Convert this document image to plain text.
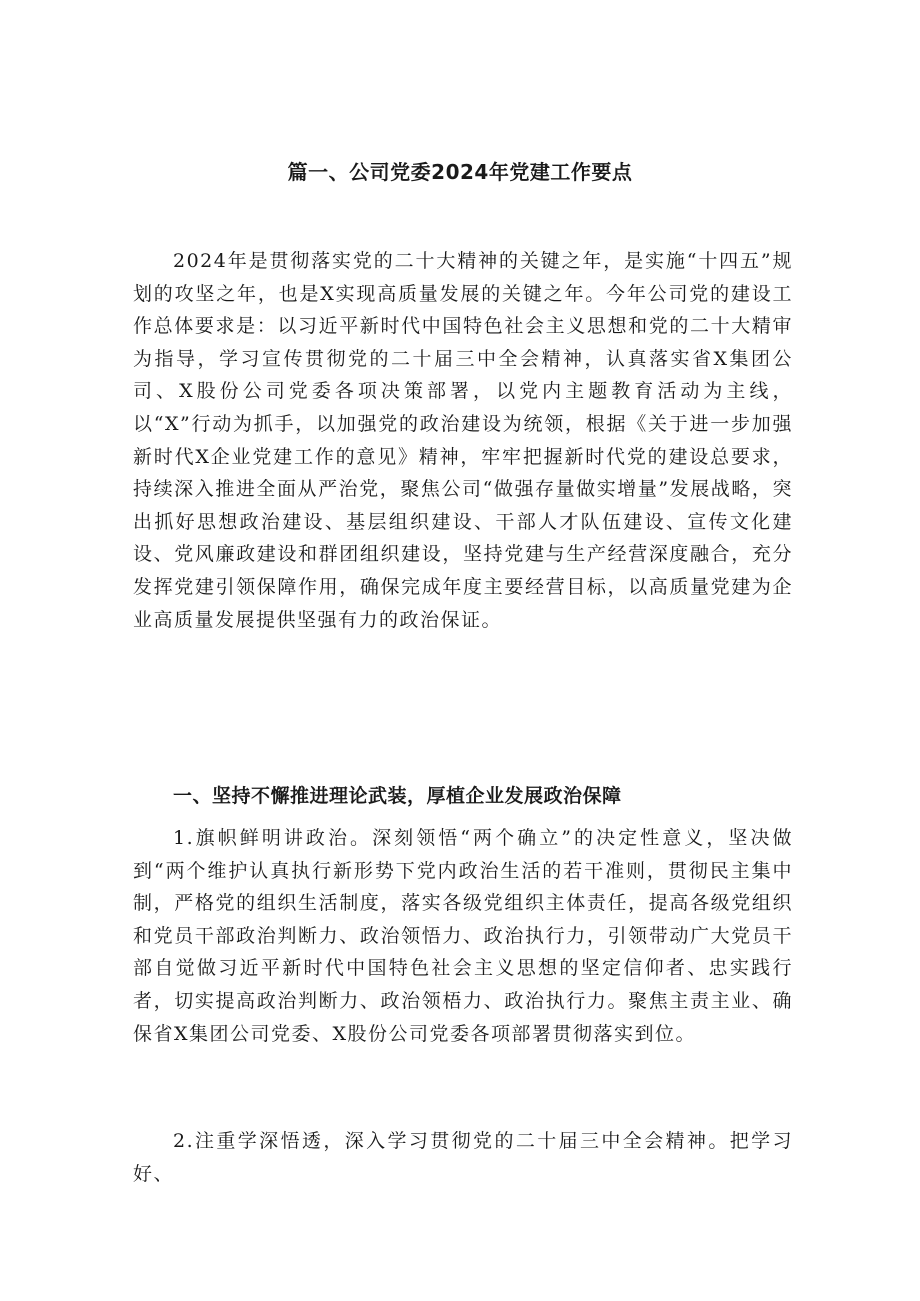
篇一、公司党委2024年党建工作要点
2024年是贯彻落实党的二十大精神的关键之年，是实施“十四五”规划的攻坚之年，也是X实现高质量发展的关键之年。今年公司党的建设工作总体要求是：以习近平新时代中国特色社会主义思想和党的二十大精审为指导，学习宣传贯彻党的二十届三中全会精神，认真落实省X集团公司、X股份公司党委各项决策部署，以党内主题教育活动为主线，以“X”行动为抓手，以加强党的政治建设为统领，根据《关于进一步加强新时代X企业党建工作的意见》精神，牢牢把握新时代党的建设总要求，持续深入推进全面从严治党，聚焦公司“做强存量做实增量”发展战略，突出抓好思想政治建设、基层组织建设、干部人才队伍建设、宣传文化建设、党风廉政建设和群团组织建设，坚持党建与生产经营深度融合，充分发挥党建引领保障作用，确保完成年度主要经营目标，以高质量党建为企业高质量发展提供坚强有力的政治保证。
一、坚持不懈推进理论武装，厚植企业发展政治保障
1.旗帜鲜明讲政治。深刻领悟“两个确立”的决定性意义，坚决做到“两个维护认真执行新形势下党内政治生活的若干准则，贯彻民主集中制，严格党的组织生活制度，落实各级党组织主体责任，提高各级党组织和党员干部政治判断力、政治领悟力、政治执行力，引领带动广大党员干部自觉做习近平新时代中国特色社会主义思想的坚定信仰者、忠实践行者，切实提高政治判断力、政治领梧力、政治执行力。聚焦主责主业、确保省X集团公司党委、X股份公司党委各项部署贯彻落实到位。
2.注重学深悟透，深入学习贯彻党的二十届三中全会精神。把学习好、
